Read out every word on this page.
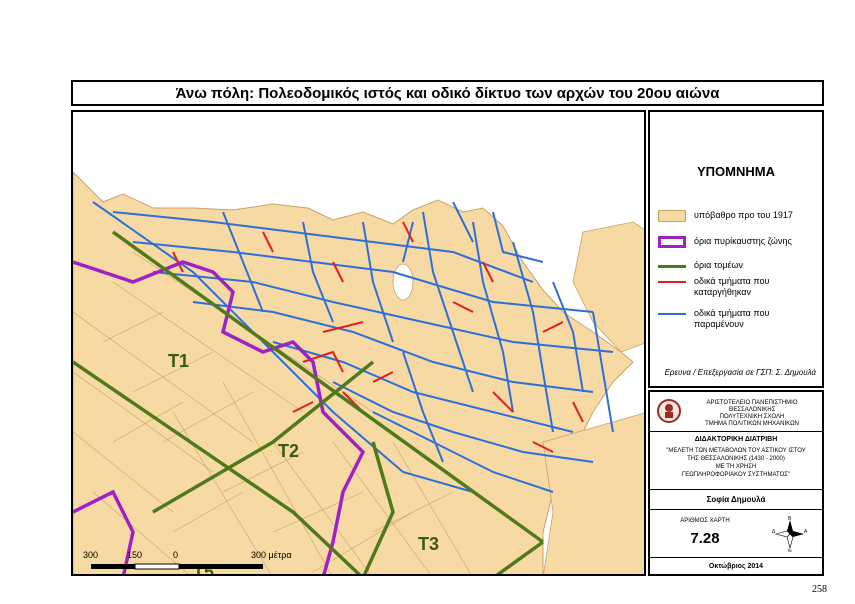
Άνω πόλη: Πολεοδομικός ιστός και οδικό δίκτυο των αρχών του 20ου αιώνα
Τ1
Τ2
Τ3
300	150	0	300 μέτρα
ΥΠΟΜΝΗΜΑ
υπόβαθρο προ του 1917
όρια πυρίκαυστης ζώνης
όρια τομέων
οδικά τμήματα που καταργήθηκαν
οδικά τμήματα που παραμένουν
Ερευνα / Επεξεργασία σε ΓΣΠ: Σ. Δημουλά
ΑΡΙΣΤΟΤΕΛΕΙΟ ΠΑΝΕΠΙΣΤΗΜΙΟ ΘΕΣΣΑΛΟΝΙΚΗΣ
ΠΟΛΥΤΕΧΝΙΚΗ ΣΧΟΛΗ
ΤΜΗΜΑ ΠΟΛΙΤΙΚΩΝ ΜΗΧΑΝΙΚΩΝ
ΔΙΔΑΚΤΟΡΙΚΗ ΔΙΑΤΡΙΒΗ
"ΜΕΛΕΤΗ ΤΩΝ ΜΕΤΑΒΟΛΩΝ ΤΟΥ ΑΣΤΙΚΟΥ ΙΣΤΟΥ
ΤΗΣ ΘΕΣΣΑΛΟΝΙΚΗΣ (1430 - 2000)
ΜΕ ΤΗ ΧΡΗΣΗ
ΓΕΩΠΛΗΡΟΦΟΡΙΑΚΟΥ ΣΥΣΤΗΜΑΤΟΣ"
Σοφία Δημουλά
ΑΡΙΘΜΟΣ ΧΑΡΤΗ
7.28
Β
Ν
Α
Δ
Οκτώβριος 2014
258
